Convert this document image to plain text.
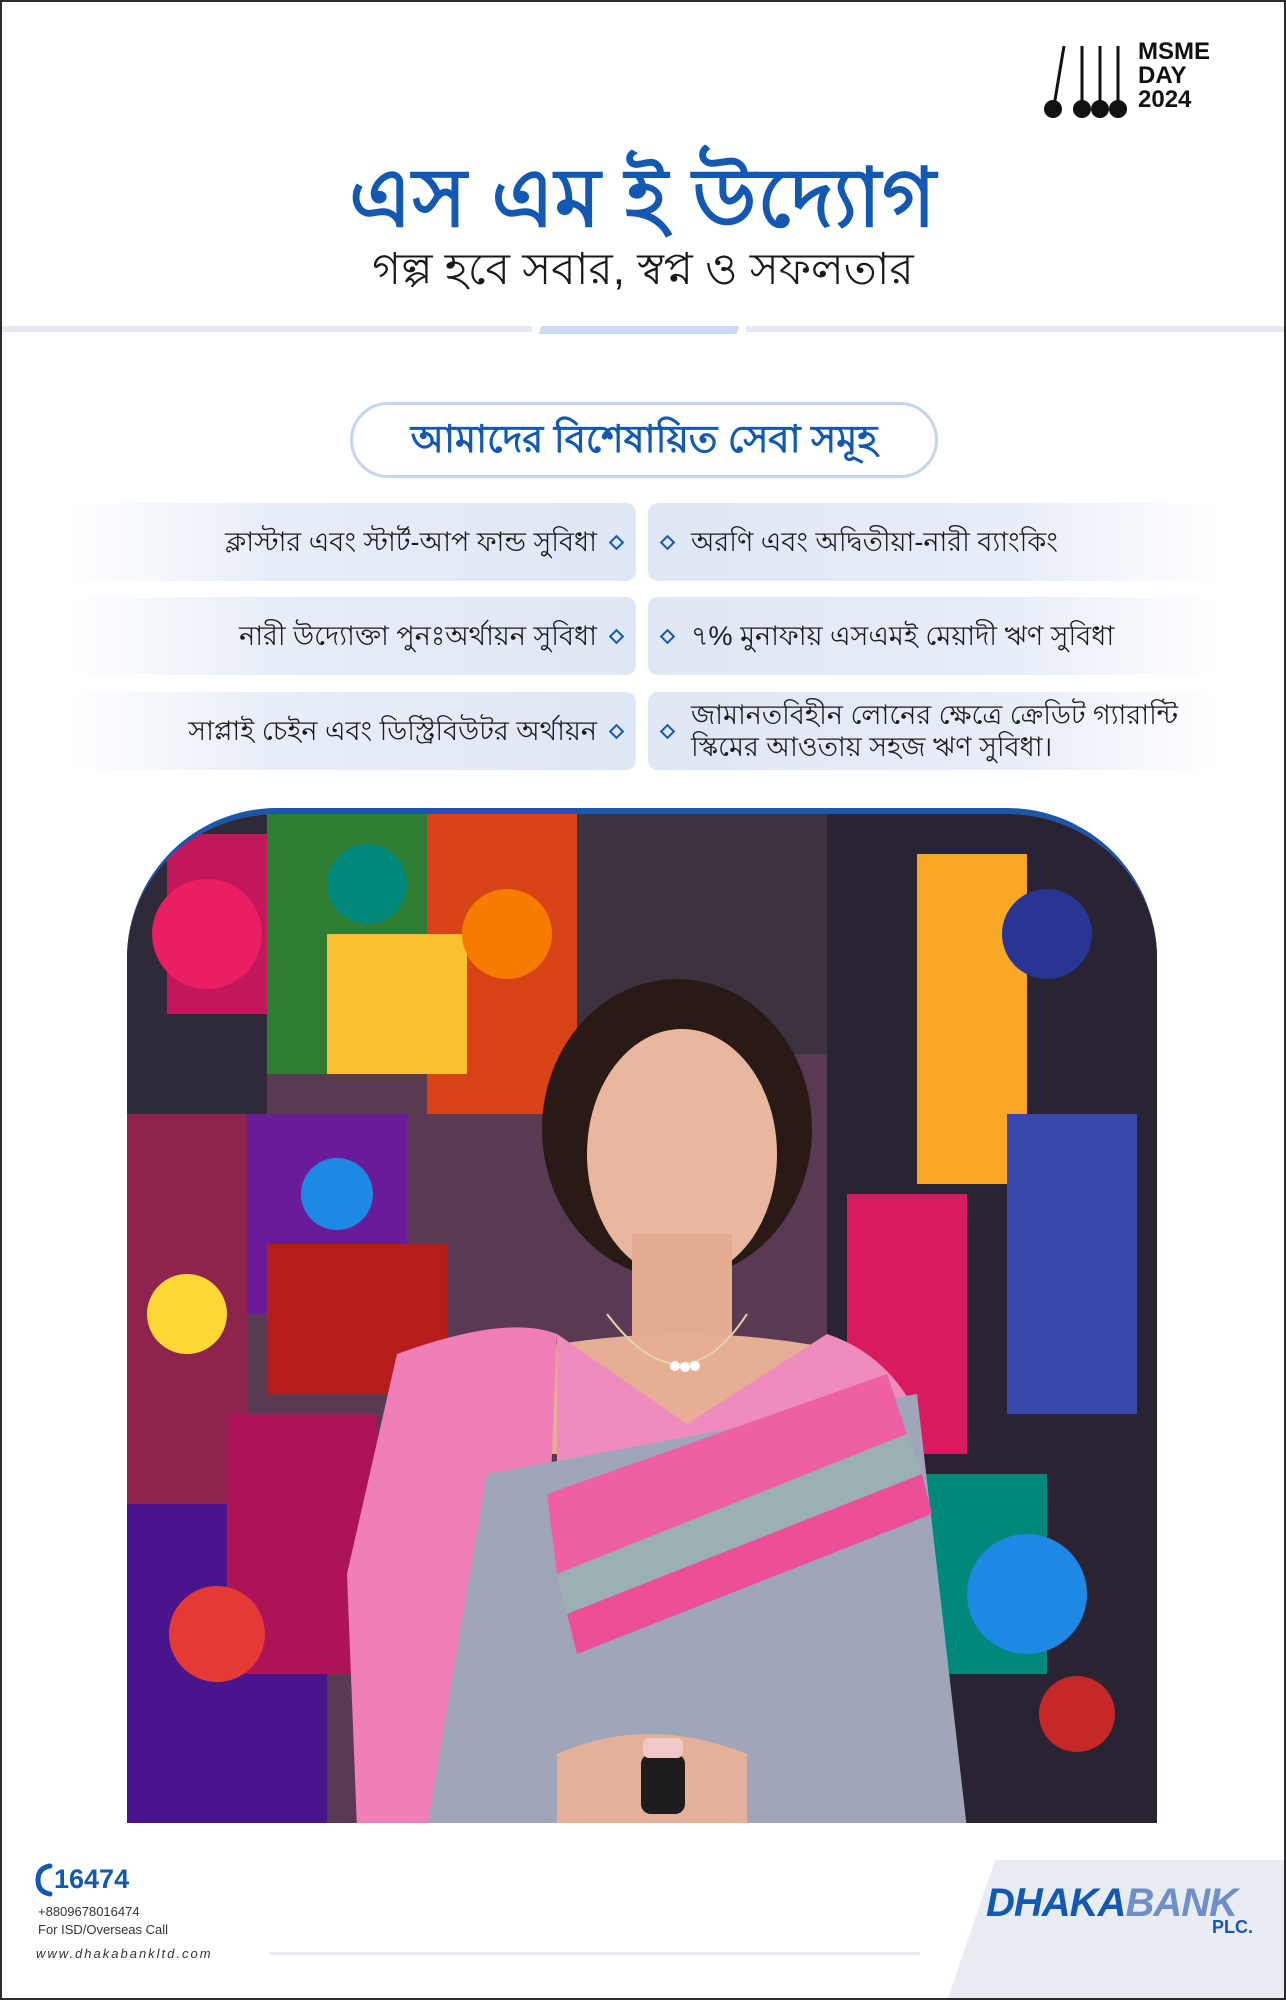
MSME
DAY
2024
এস এম ই উদ্যোগ
গল্প হবে সবার, স্বপ্ন ও সফলতার
আমাদের বিশেষায়িত সেবা সমূহ
ক্লাস্টার এবং স্টার্ট-আপ ফান্ড সুবিধা	অরণি এবং অদ্বিতীয়া-নারী ব্যাংকিং
নারী উদ্যোক্তা পুনঃঅর্থায়ন সুবিধা	৭% মুনাফায় এসএমই মেয়াদী ঋণ সুবিধা
সাপ্লাই চেইন এবং ডিস্ট্রিবিউটর অর্থায়ন
জামানতবিহীন লোনের ক্ষেত্রে ক্রেডিট গ্যারান্টি
স্কিমের আওতায় সহজ ঋণ সুবিধা।
16474
+8809678016474
For ISD/Overseas Call
www.dhakabankltd.com
DHAKABANK
PLC.
